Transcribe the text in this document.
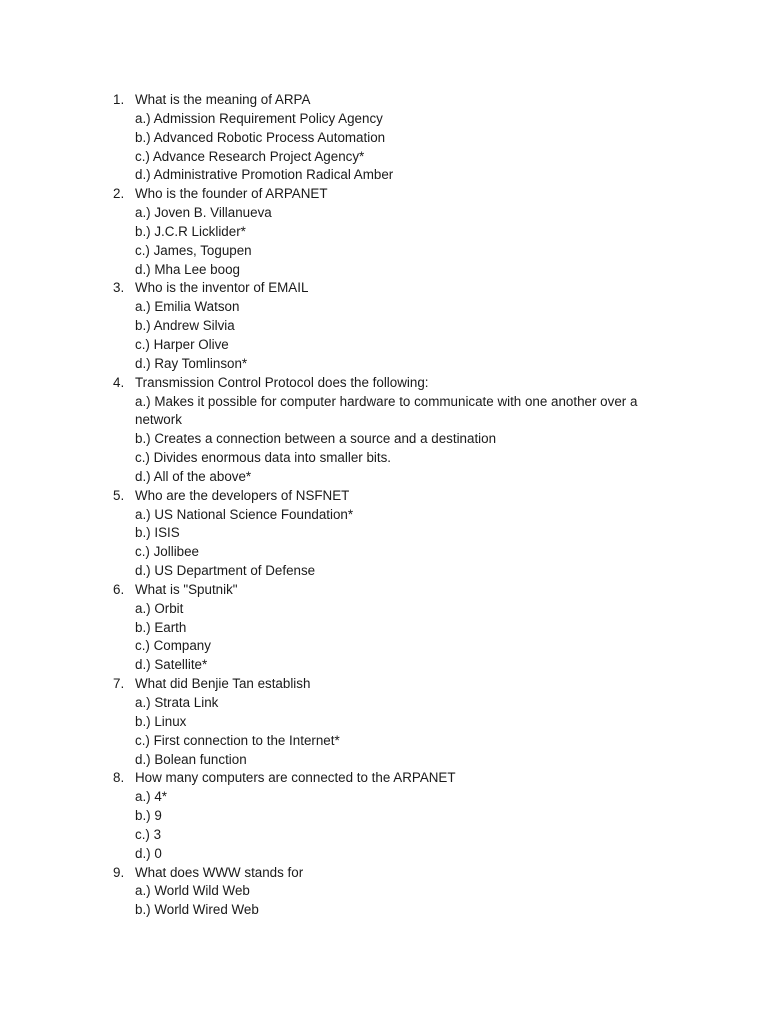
1. What is the meaning of ARPA
a.) Admission Requirement Policy Agency
b.) Advanced Robotic Process Automation
c.) Advance Research Project Agency*
d.) Administrative Promotion Radical Amber
2. Who is the founder of ARPANET
a.) Joven B. Villanueva
b.) J.C.R Licklider*
c.) James, Togupen
d.) Mha Lee boog
3. Who is the inventor of EMAIL
a.) Emilia Watson
b.) Andrew Silvia
c.) Harper Olive
d.) Ray Tomlinson*
4. Transmission Control Protocol does the following:
a.) Makes it possible for computer hardware to communicate with one another over a network
b.) Creates a connection between a source and a destination
c.) Divides enormous data into smaller bits.
d.) All of the above*
5. Who are the developers of NSFNET
a.) US National Science Foundation*
b.) ISIS
c.) Jollibee
d.) US Department of Defense
6. What is "Sputnik"
a.) Orbit
b.) Earth
c.) Company
d.) Satellite*
7. What did Benjie Tan establish
a.) Strata Link
b.) Linux
c.) First connection to the Internet*
d.) Bolean function
8. How many computers are connected to the ARPANET
a.) 4*
b.) 9
c.) 3
d.) 0
9. What does WWW stands for
a.) World Wild Web
b.) World Wired Web
